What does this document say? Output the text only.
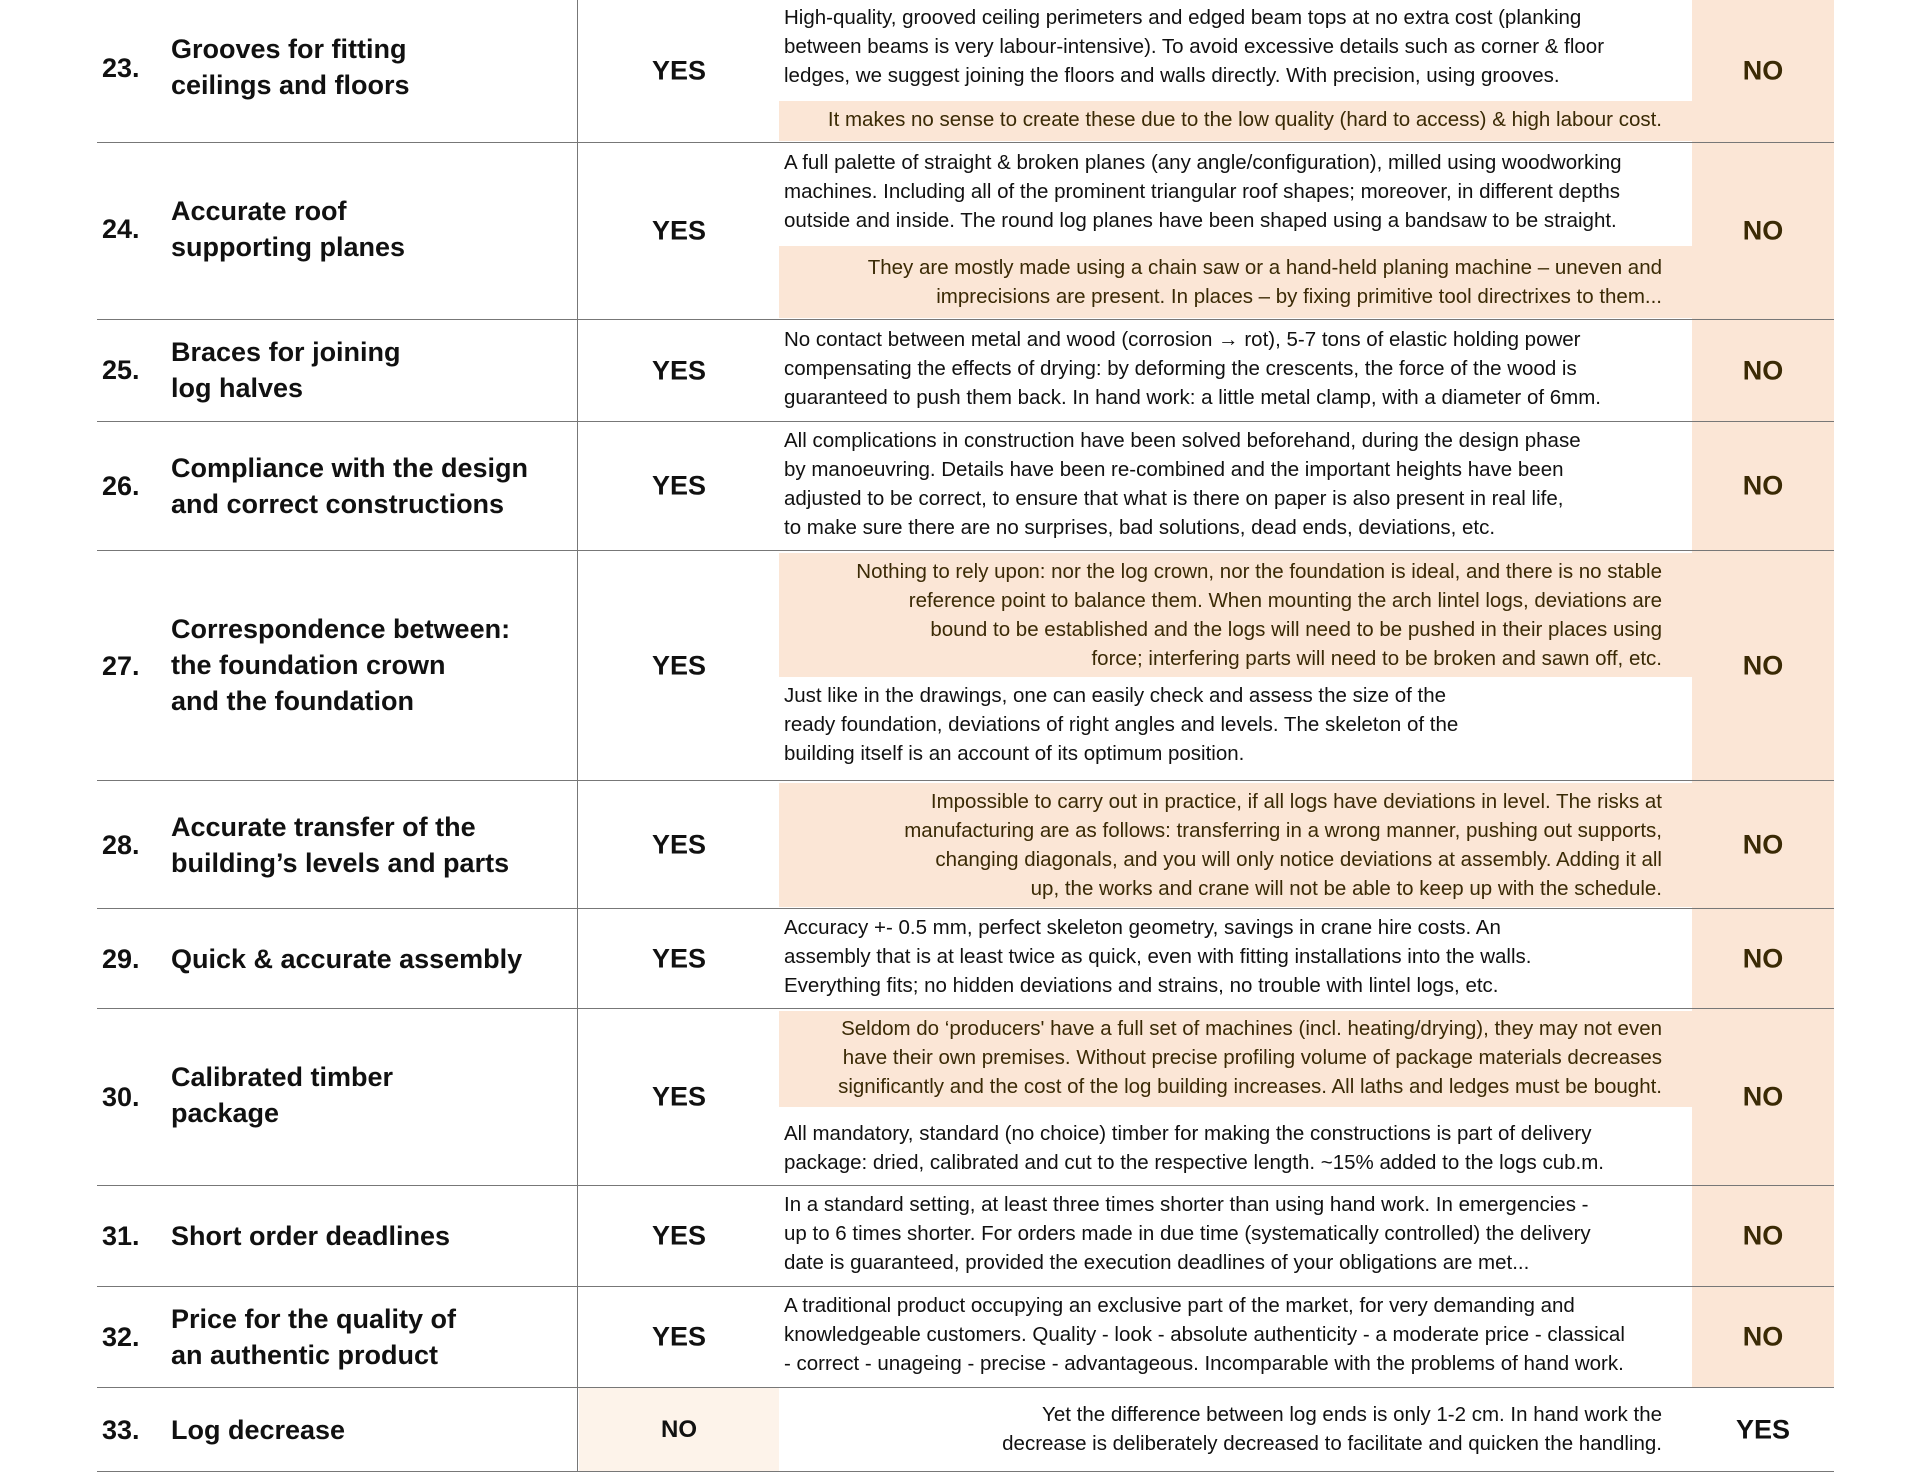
23.
Grooves for fitting
ceilings and floors	YES
High-quality, grooved ceiling perimeters and edged beam tops at no extra cost (planking
between beams is very labour-intensive). To avoid excessive details such as corner & floor
ledges, we suggest joining the floors and walls directly. With precision, using grooves.
It makes no sense to create these due to the low quality (hard to access) & high labour cost.
NO
24.
Accurate roof
supporting planes
YES
A full palette of straight & broken planes (any angle/configuration), milled using woodworking
machines. Including all of the prominent triangular roof shapes; moreover, in different depths
outside and inside. The round log planes have been shaped using a bandsaw to be straight.
They are mostly made using a chain saw or a hand-held planing machine – uneven and
imprecisions are present. In places – by fixing primitive tool directrixes to them...
NO
25.
Braces for joining
log halves
YES
No contact between metal and wood (corrosion → rot), 5-7 tons of elastic holding power
compensating the effects of drying: by deforming the crescents, the force of the wood is
guaranteed to push them back. In hand work: a little metal clamp, with a diameter of 6mm.
NO
26.
Compliance with the design
and correct constructions
YES
All complications in construction have been solved beforehand, during the design phase
by manoeuvring. Details have been re-combined and the important heights have been
adjusted to be correct, to ensure that what is there on paper is also present in real life,
to make sure there are no surprises, bad solutions, dead ends, deviations, etc.
NO
27.
Correspondence between:
the foundation crown
and the foundation
YES
Nothing to rely upon: nor the log crown, nor the foundation is ideal, and there is no stable
reference point to balance them. When mounting the arch lintel logs, deviations are
bound to be established and the logs will need to be pushed in their places using
force; interfering parts will need to be broken and sawn off, etc.
Just like in the drawings, one can easily check and assess the size of the
ready foundation, deviations of right angles and levels. The skeleton of the
building itself is an account of its optimum position.
NO
28.
Accurate transfer of the
building’s levels and parts
YES
Impossible to carry out in practice, if all logs have deviations in level. The risks at
manufacturing are as follows: transferring in a wrong manner, pushing out supports,
changing diagonals, and you will only notice deviations at assembly. Adding it all
up, the works and crane will not be able to keep up with the schedule.
NO
29. Quick & accurate assembly	YES
Accuracy +- 0.5 mm, perfect skeleton geometry, savings in crane hire costs. An
assembly that is at least twice as quick, even with fitting installations into the walls.
Everything fits; no hidden deviations and strains, no trouble with lintel logs, etc.
NO
30.
Calibrated timber
package
YES
Seldom do ‘producers' have a full set of machines (incl. heating/drying), they may not even
have their own premises. Without precise profiling volume of package materials decreases
significantly and the cost of the log building increases. All laths and ledges must be bought.
All mandatory, standard (no choice) timber for making the constructions is part of delivery
package: dried, calibrated and cut to the respective length. ~15% added to the logs cub.m.
NO
31. Short order deadlines	YES
In a standard setting, at least three times shorter than using hand work. In emergencies -
up to 6 times shorter. For orders made in due time (systematically controlled) the delivery
date is guaranteed, provided the execution deadlines of your obligations are met...
NO
32.
Price for the quality of
an authentic product
YES
A traditional product occupying an exclusive part of the market, for very demanding and
knowledgeable customers. Quality - look - absolute authenticity - a moderate price - classical
- correct - unageing - precise - advantageous. Incomparable with the problems of hand work.
NO
33. Log decrease	NO
Yet the difference between log ends is only 1-2 cm. In hand work the
decrease is deliberately decreased to facilitate and quicken the handling.	YES
